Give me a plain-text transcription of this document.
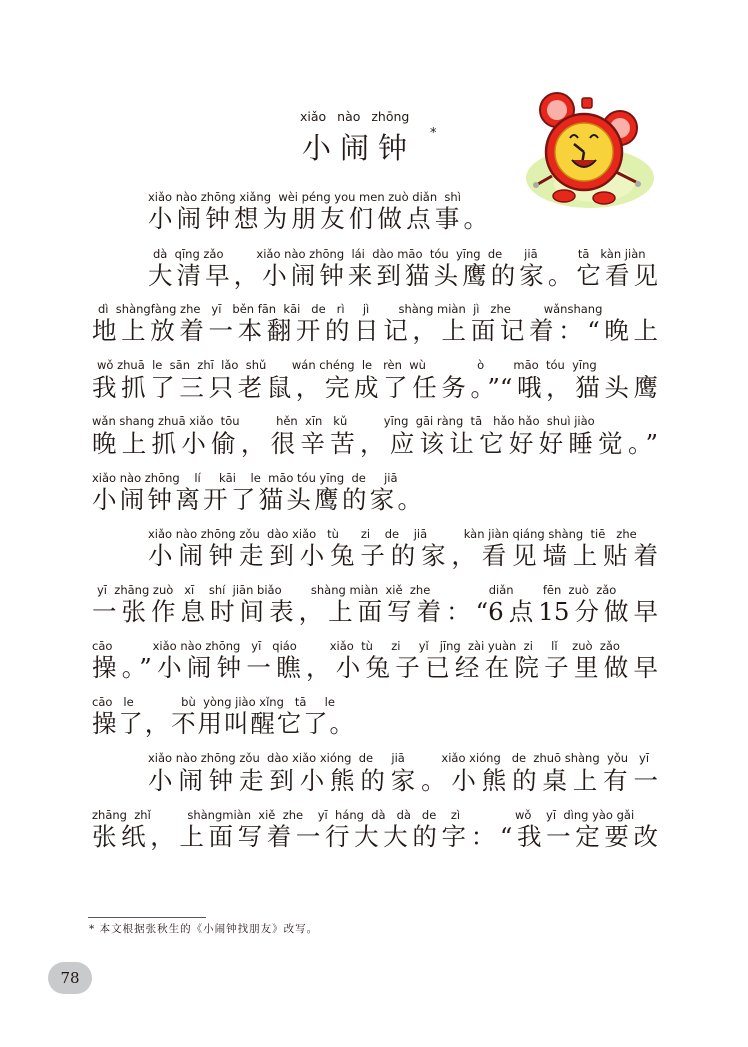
xiǎo nào zhōng
小闹钟 *
xiǎo nào zhōng xiǎng  wèi péng you men zuò diǎn  shì
小闹钟想为朋友们做点事。
dà  qīng zǎo         xiǎo nào zhōng  lái  dào māo  tóu  yīng  de      jiā           tā   kàn jiàn
大清早，小闹钟来到猫头鹰的家。它看见
dì  shàngfàng zhe   yī   běn fān  kāi   de   rì     jì        shàng miàn  jì   zhe         wǎnshang
地上放着一本翻开的日记，上面记着：“晚上
wǒ zhuā  le  sān  zhī  lǎo  shǔ       wán chéng  le   rèn  wù              ò        māo  tóu  yīng
我抓了三只老鼠，完成了任务。”“哦，猫头鹰
wǎn shang zhuā xiǎo  tōu          hěn  xīn   kǔ          yīng  gāi ràng  tā   hǎo hǎo  shuì jiào
晚上抓小偷，很辛苦，应该让它好好睡觉。”
xiǎo nào zhōng    lí     kāi    le  māo tóu yīng  de     jiā
小闹钟离开了猫头鹰的家。
xiǎo nào zhōng zǒu  dào xiǎo   tù      zi    de    jiā          kàn jiàn qiáng shàng  tiē   zhe
小闹钟走到小兔子的家，看见墙上贴着
yī  zhāng zuò   xī    shí  jiān biǎo        shàng miàn  xiě  zhe                diǎn        fēn  zuò  zǎo
一张作息时间表，上面写着：“6点15分做早
cāo           xiǎo nào zhōng   yī   qiáo         xiǎo  tù     zi     yǐ   jīng  zài yuàn  zi     lǐ    zuò  zǎo
操。”小闹钟一瞧，小兔子已经在院子里做早
cāo   le             bù  yòng jiào xǐng   tā     le
操了，不用叫醒它了。
xiǎo nào zhōng zǒu  dào xiǎo xióng  de     jiā          xiǎo xióng   de  zhuō shàng  yǒu   yī
小闹钟走到小熊的家。小熊的桌上有一
zhāng  zhǐ          shàngmiàn  xiě  zhe    yī  háng  dà   dà   de    zì               wǒ    yī  dìng yào gǎi
张纸，上面写着一行大大的字：“我一定要改
* 本文根据张秋生的《小闹钟找朋友》改写。
78
